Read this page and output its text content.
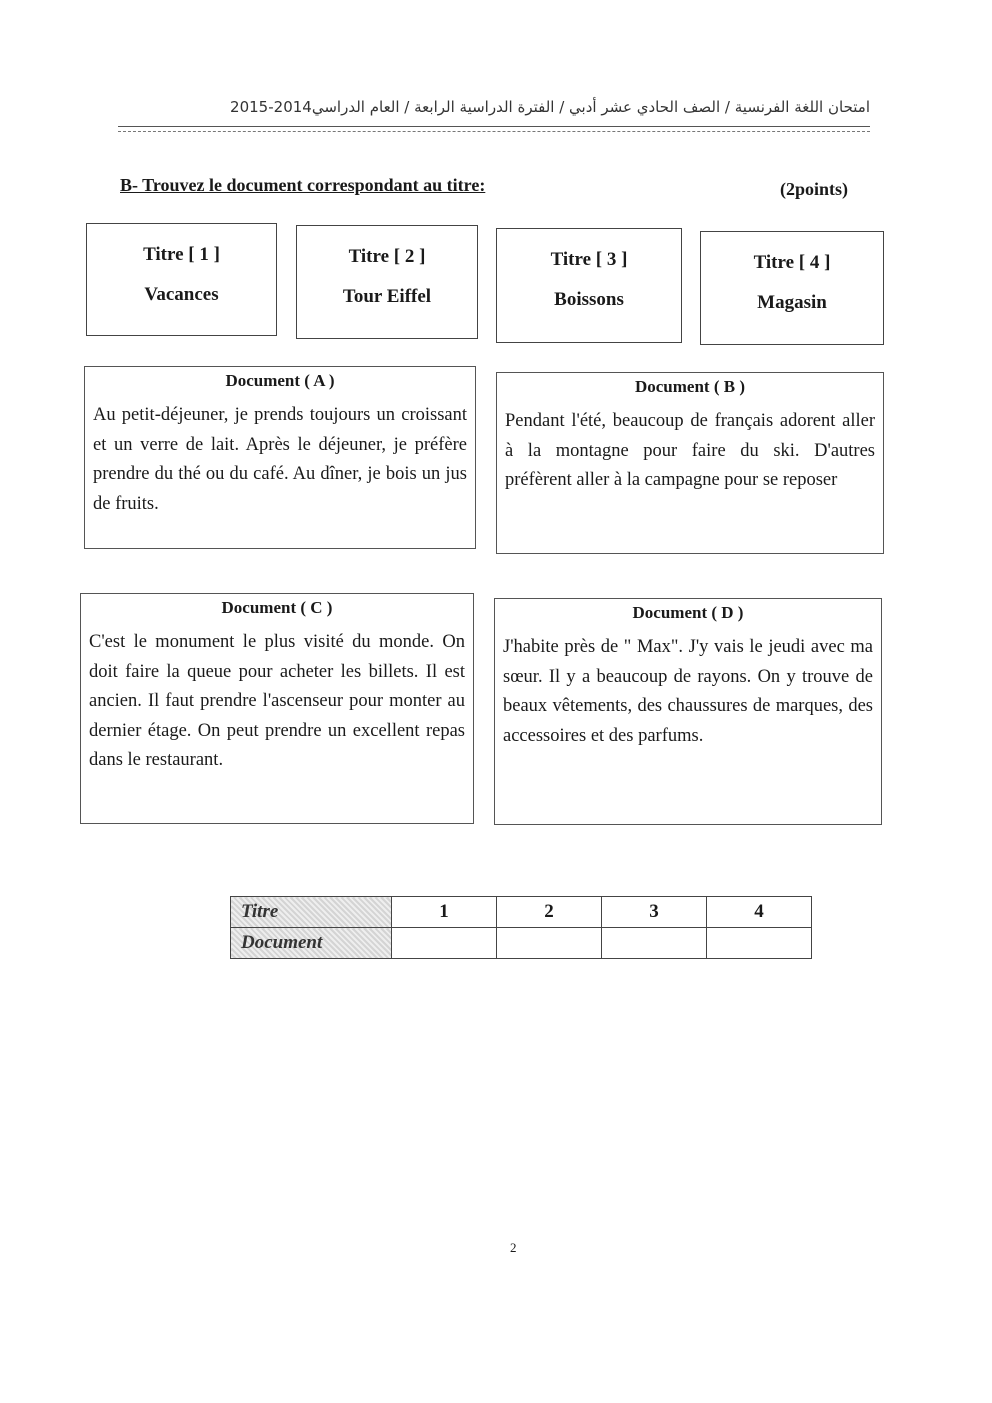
امتحان اللغة الفرنسية / الصف الحادي عشر أدبي / الفترة الدراسية الرابعة / العام الدراسي2014-2015
B- Trouvez le document correspondant au titre:	(2points)
Titre [ 1 ]
Vacances
Titre [ 2 ]
Tour Eiffel
Titre [ 3 ]
Boissons
Titre [ 4 ]
Magasin
Document ( A )
Au petit-déjeuner, je prends toujours un croissant et un verre de lait. Après le déjeuner, je préfère prendre du thé ou du café. Au dîner, je bois un jus de fruits.
Document ( B )
Pendant l'été, beaucoup de français adorent aller à la montagne pour faire du ski. D'autres préfèrent aller à la campagne pour se reposer
Document ( C )
C'est le monument le plus visité du monde. On doit faire la queue pour acheter les billets. Il est ancien. Il faut prendre l'ascenseur pour monter au dernier étage. On peut prendre un excellent repas dans le restaurant.
Document ( D )
J'habite près de " Max". J'y vais le jeudi avec ma sœur. Il y a beaucoup de rayons. On y trouve de beaux vêtements, des chaussures de marques, des accessoires et des parfums.
Titre	1	2	3	4
Document				
2
